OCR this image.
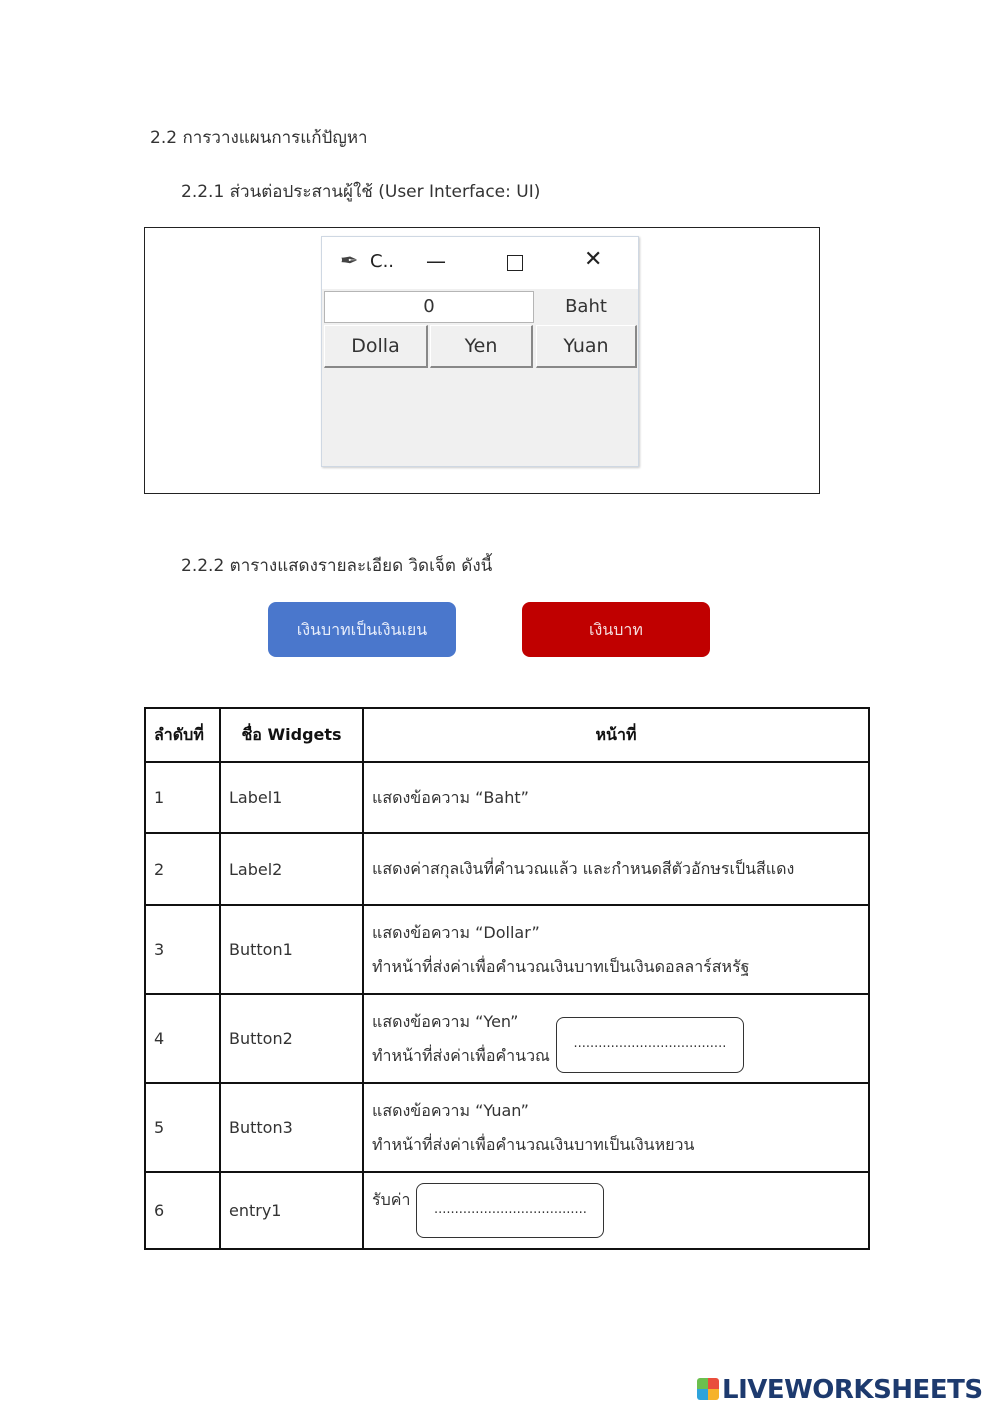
2.2 การวางแผนการแก้ปัญหา
2.2.1 ส่วนต่อประสานผู้ใช้ (User Interface: UI)
✒ C.. —	✕
0	Baht
Dolla	Yen	Yuan
2.2.2 ตารางแสดงรายละเอียด วิดเจ็ต ดังนี้
เงินบาทเป็นเงินเยน	เงินบาท
ลำดับที่	ชื่อ Widgets	หน้าที่
1	Label1	แสดงข้อความ “Baht”

2	Label2	แสดงค่าสกุลเงินที่คำนวณแล้ว และกำหนดสีตัวอักษรเป็นสีแดง

3	Button1	แสดงข้อความ “Dollar”
ทำหน้าที่ส่งค่าเพื่อคำนวณเงินบาทเป็นเงินดอลลาร์สหรัฐ

4	Button2	แสดงข้อความ “Yen”
ทำหน้าที่ส่งค่าเพื่อคำนวณ
.....................................

5	Button3	แสดงข้อความ “Yuan”
ทำหน้าที่ส่งค่าเพื่อคำนวณเงินบาทเป็นเงินหยวน

6	entry1	รับค่า
.....................................
LIVEWORKSHEETS
